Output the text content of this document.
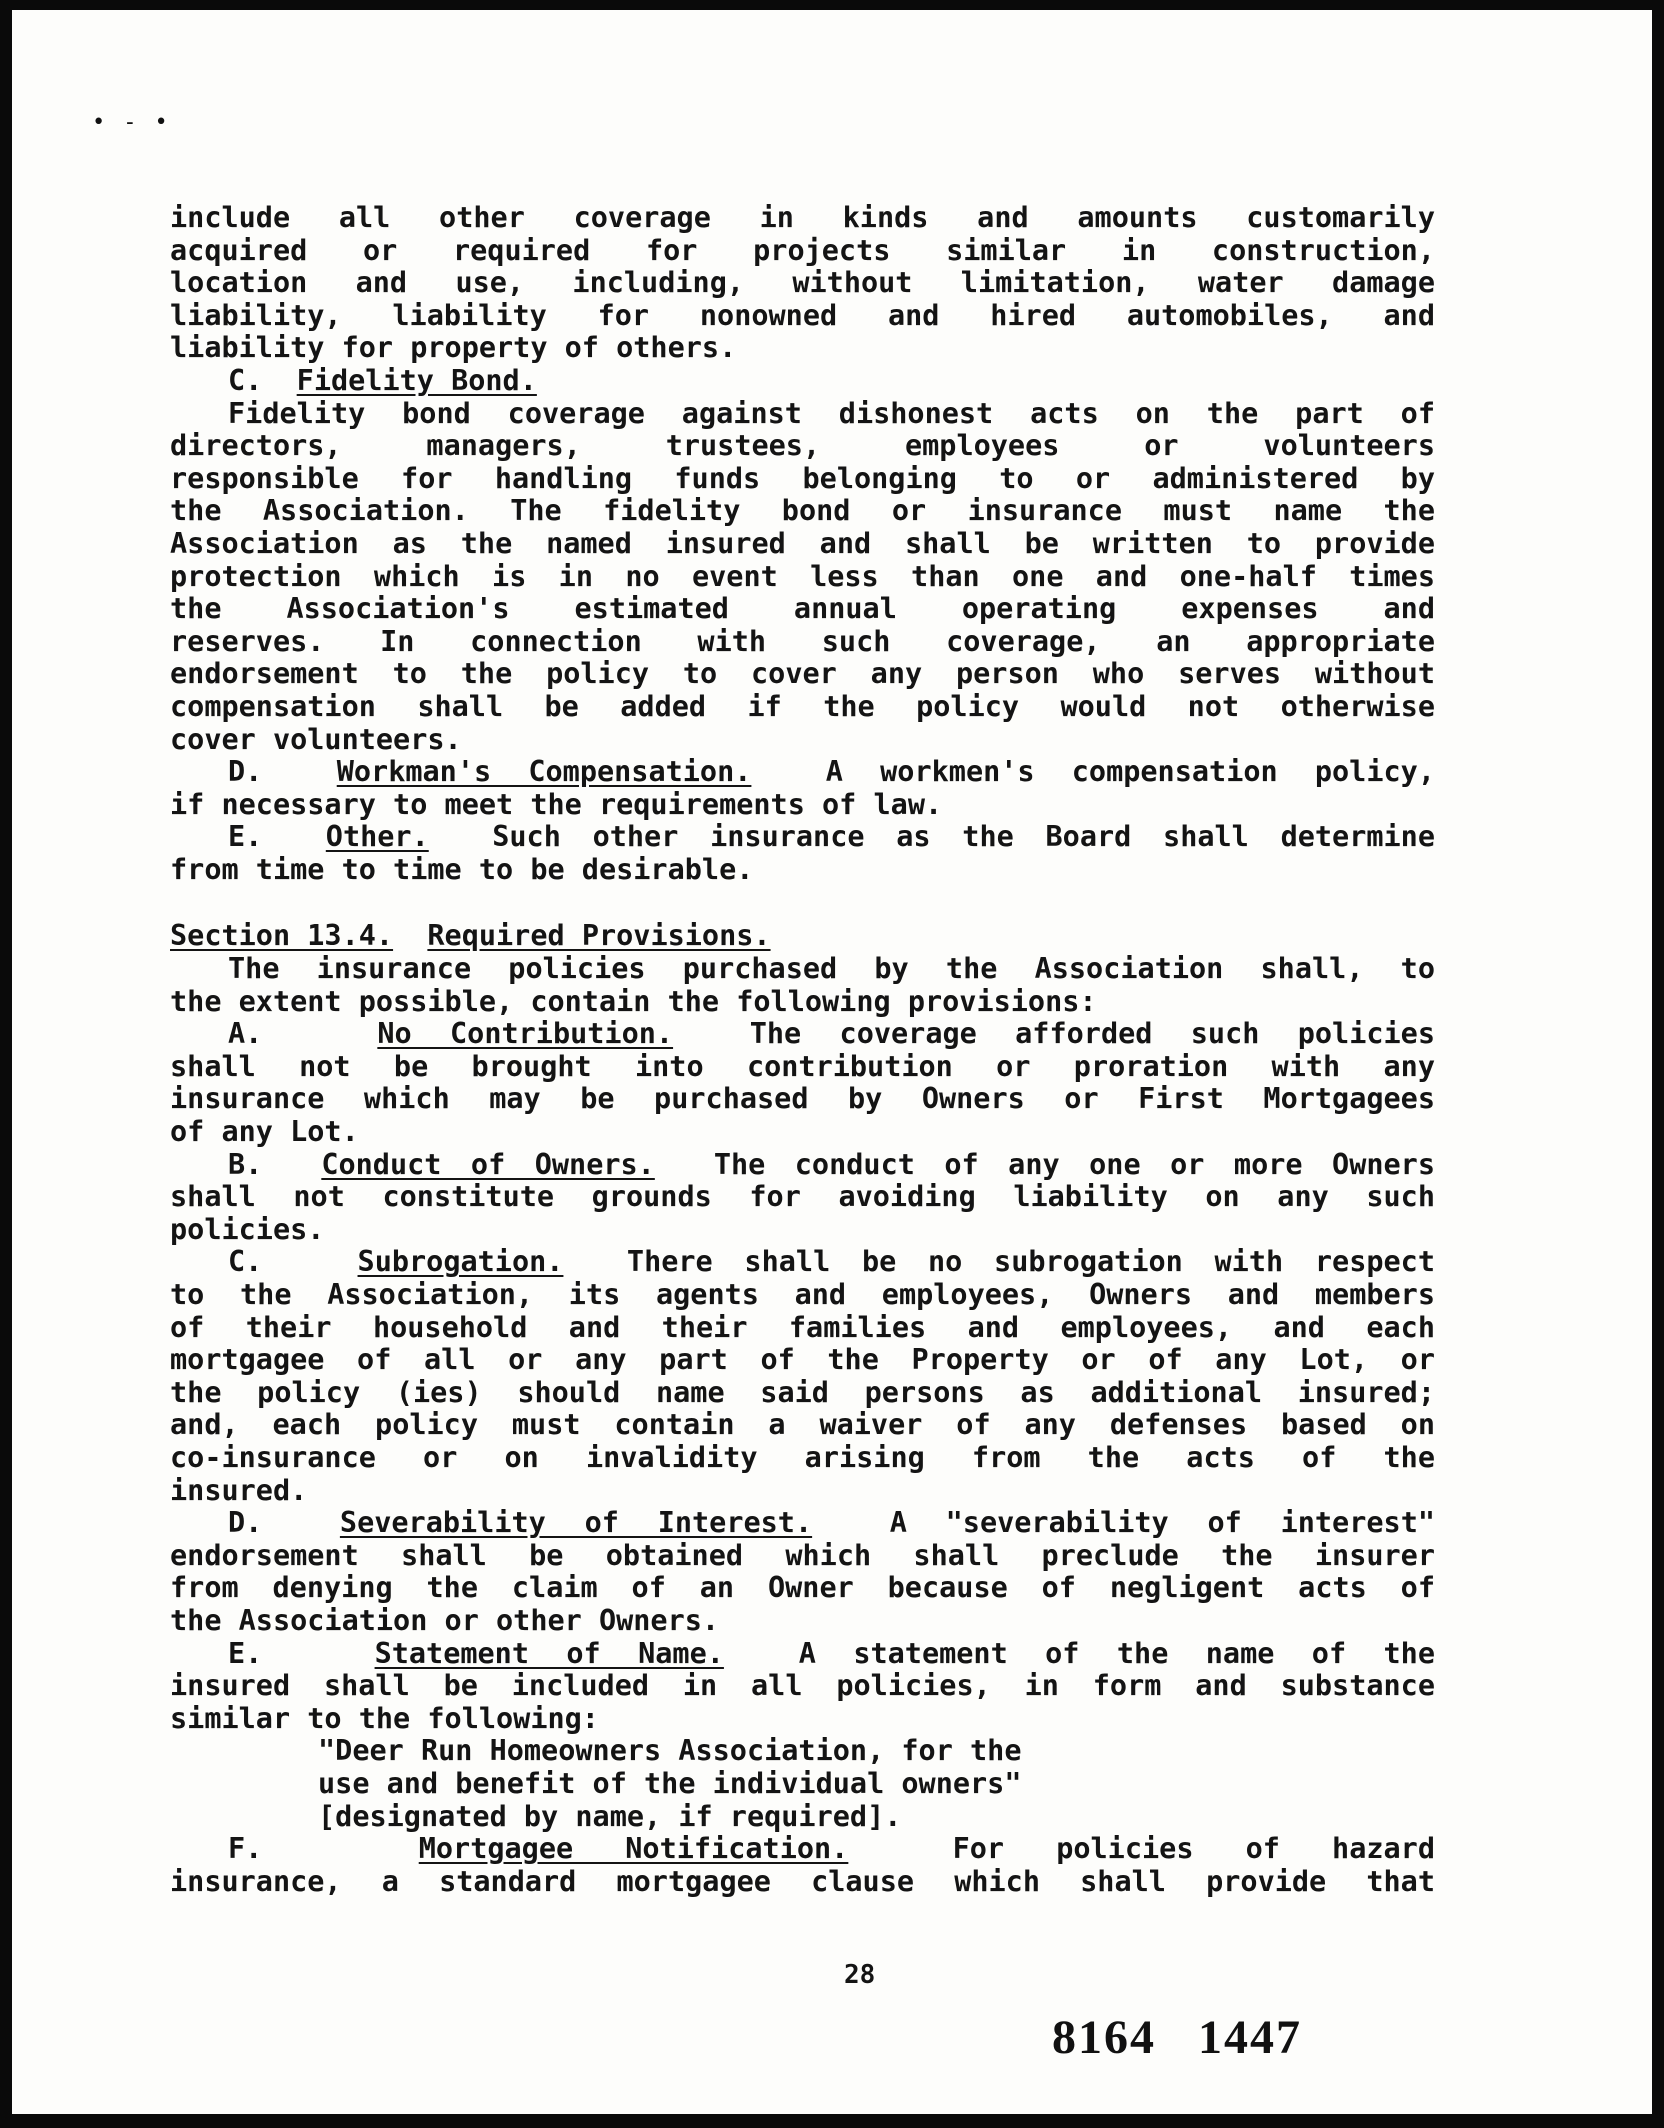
•‐•

include all other coverage in kinds and amounts customarily

acquired or required for projects similar in construction,

location and use, including, without limitation, water damage

liability, liability for nonowned and hired automobiles, and

liability for property of others.

C. Fidelity Bond.

Fidelity bond coverage against dishonest acts on the part of

directors, managers, trustees, employees or volunteers

responsible for handling funds belonging to or administered by

the Association. The fidelity bond or insurance must name the

Association as the named insured and shall be written to provide

protection which is in no event less than one and one-half times

the Association's estimated annual operating expenses and

reserves. In connection with such coverage, an appropriate

endorsement to the policy to cover any person who serves without

compensation shall be added if the policy would not otherwise

cover volunteers.

D.	Workman's Compensation.	A workmen's compensation policy,

if necessary to meet the requirements of law.

E. Other. Such other insurance as the Board shall determine

from time to time to be desirable.

Section 13.4. Required Provisions.

The insurance policies purchased by the Association shall, to

the extent possible, contain the following provisions:

A.	No Contribution.	The coverage afforded such policies

shall not be brought into contribution or proration with any

insurance which may be purchased by Owners or First Mortgagees

of any Lot.

B. Conduct of Owners. The conduct of any one or more Owners

shall not constitute grounds for avoiding liability on any such

policies.

C.	Subrogation. There shall be no subrogation with respect

to the Association, its agents and employees, Owners and members

of their household and their families and employees, and each

mortgagee of all or any part of the Property or of any Lot, or

the policy (ies) should name said persons as additional insured;

and, each policy must contain a waiver of any defenses based on

co-insurance or on invalidity arising from the acts of the

insured.

D.	Severability of Interest.	A "severability of interest"

endorsement shall be obtained which shall preclude the insurer

from denying the claim of an Owner because of negligent acts of

the Association or other Owners.

E.	Statement of Name.	A statement of the name of the

insured shall be included in all policies, in form and substance

similar to the following:

"Deer Run Homeowners Association, for the

use and benefit of the individual owners"

[designated by name, if required].

F.	Mortgagee Notification.	For policies of hazard

insurance, a standard mortgagee clause which shall provide that

28
8164 1447
